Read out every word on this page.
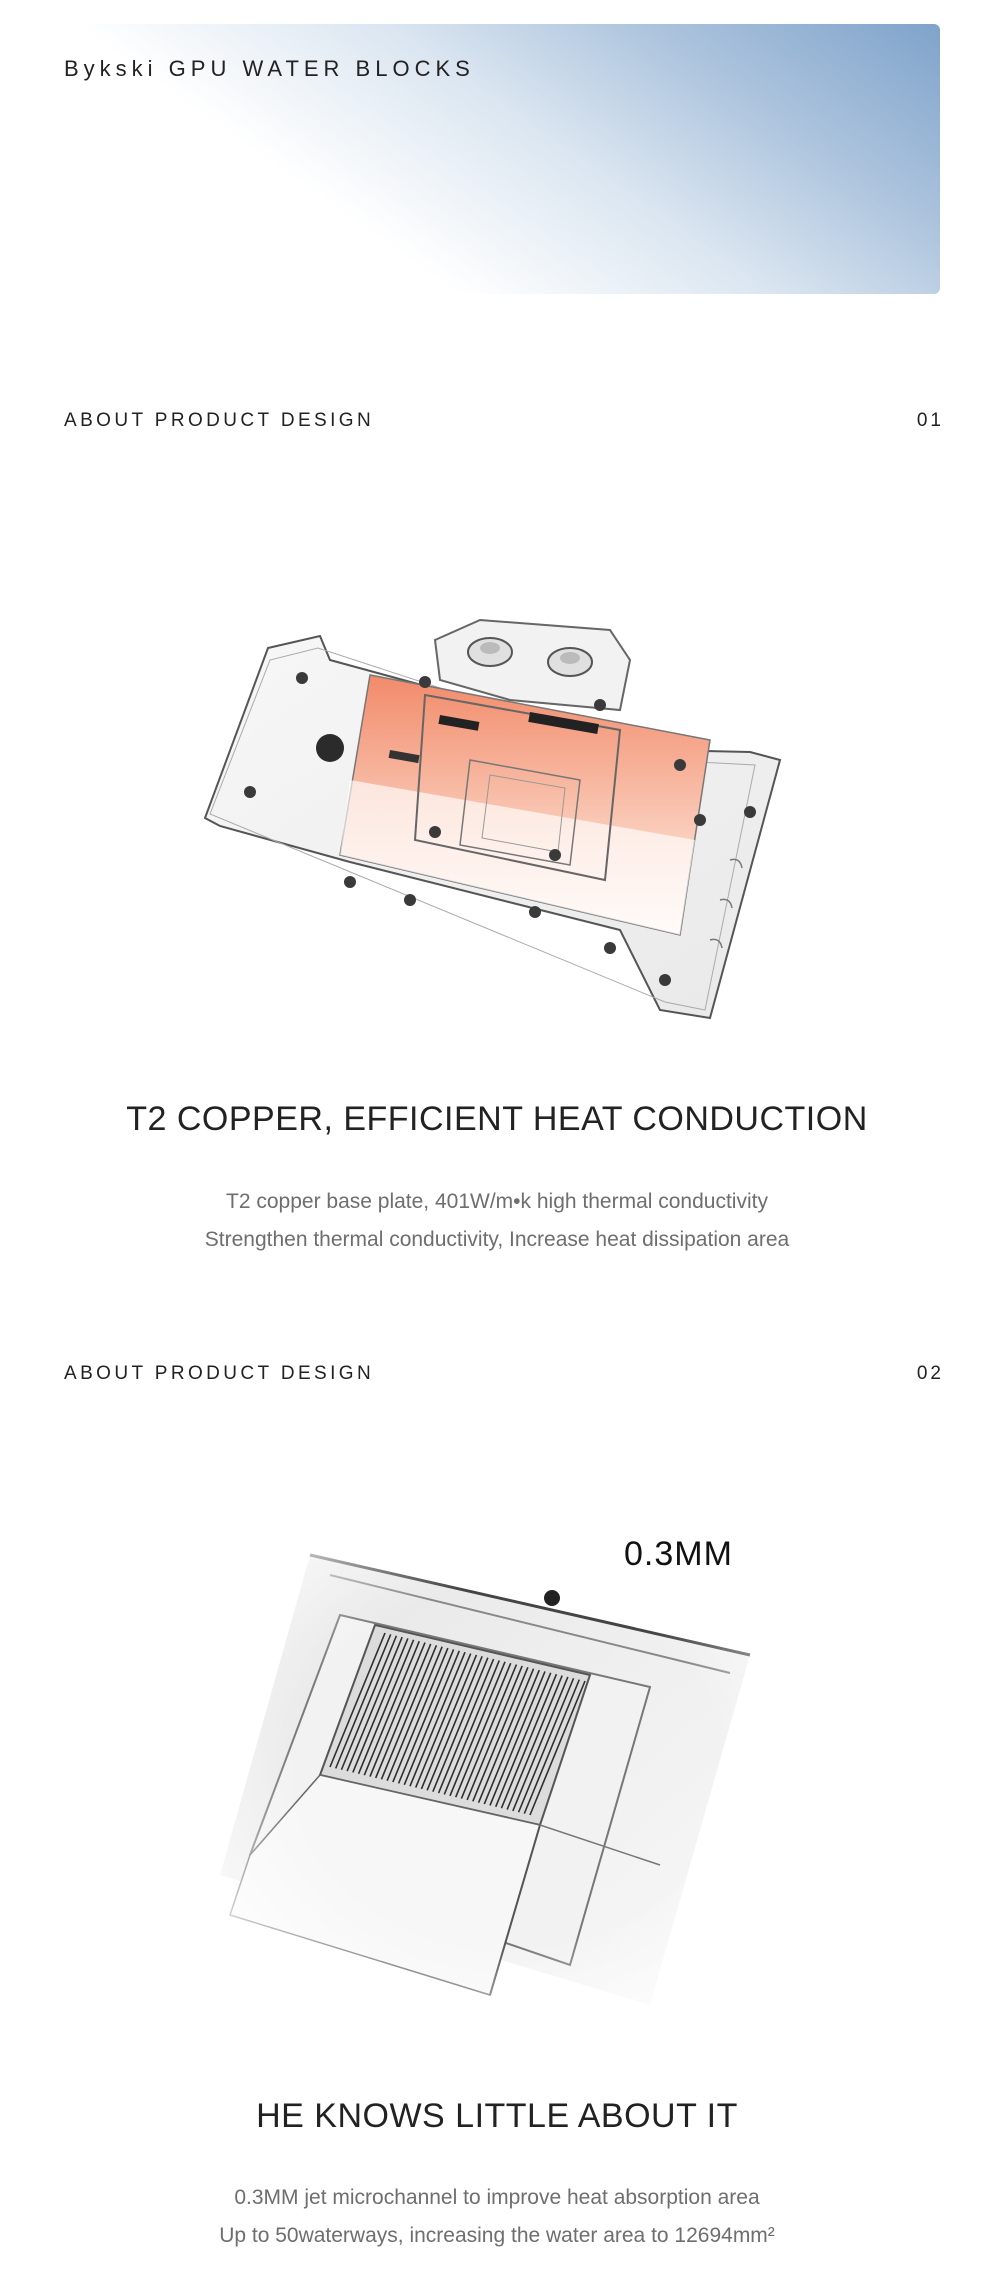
Bykski GPU WATER BLOCKS
ABOUT PRODUCT DESIGN	01
T2 COPPER, EFFICIENT HEAT CONDUCTION
T2 copper base plate, 401W/m•k high thermal conductivity
Strengthen thermal conductivity, Increase heat dissipation area
ABOUT PRODUCT DESIGN	02
0.3MM
HE KNOWS LITTLE ABOUT IT
0.3MM jet microchannel to improve heat absorption area
Up to 50waterways, increasing the water area to 12694mm²
